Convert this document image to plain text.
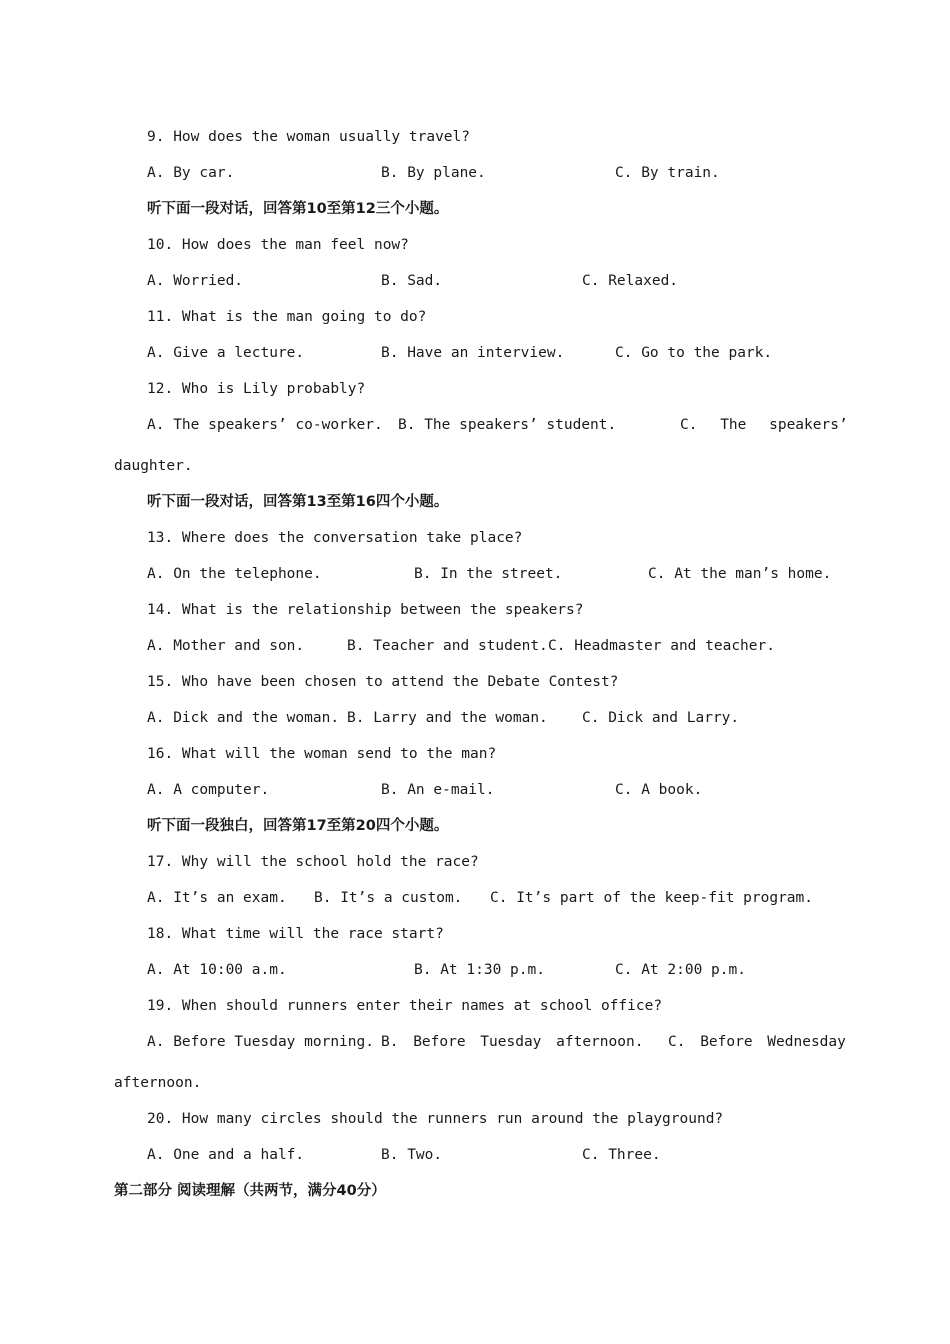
9. How does the woman usually travel?
A. By car.	B. By plane.	C. By train.
听下面一段对话，回答第10至第12三个小题。
10. How does the man feel now?
A. Worried.	B. Sad.	C. Relaxed.
11. What is the man going to do?
A. Give a lecture.	B. Have an interview.	C. Go to the park.
12. Who is Lily probably?
A. The speakers’ co-worker. B. The speakers’ student.	C. The speakers’
daughter.
听下面一段对话，回答第13至第16四个小题。
13. Where does the conversation take place?
A. On the telephone.	B. In the street.	C. At the man’s home.
14. What is the relationship between the speakers?
A. Mother and son.	B. Teacher and student. C. Headmaster and teacher.
15. Who have been chosen to attend the Debate Contest?
A. Dick and the woman. B. Larry and the woman. C. Dick and Larry.
16. What will the woman send to the man?
A. A computer.	B. An e-mail.	C. A book.
听下面一段独白，回答第17至第20四个小题。
17. Why will the school hold the race?
A. It’s an exam. B. It’s a custom. C. It’s part of the keep-fit program.
18. What time will the race start?
A. At 10:00 a.m.	B. At 1:30 p.m.	C. At 2:00 p.m.
19. When should runners enter their names at school office?
A. Before Tuesday morning. B. Before Tuesday afternoon. C. Before Wednesday
afternoon.
20. How many circles should the runners run around the playground?
A. One and a half.	B. Two.	C. Three.
第二部分 阅读理解（共两节，满分40分）
